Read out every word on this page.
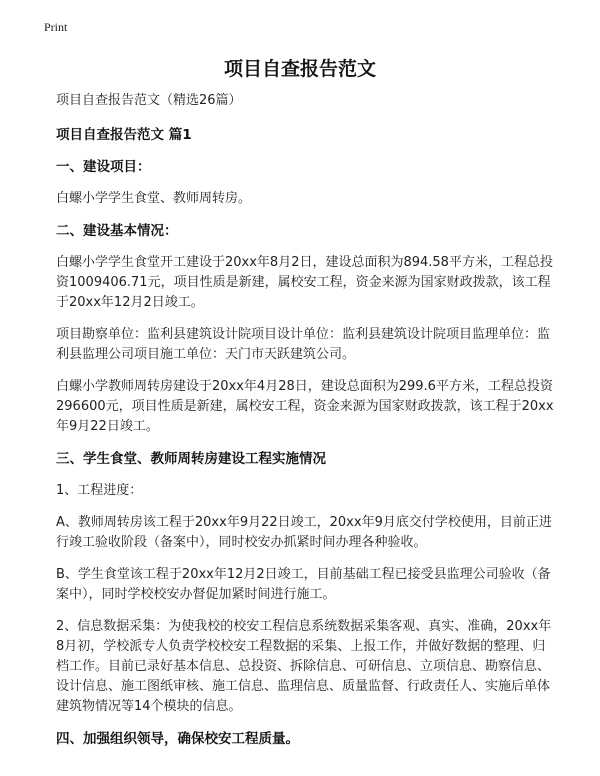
Print
项目自查报告范文

项目自查报告范文（精选26篇）

项目自查报告范文 篇1

一、建设项目：

白螺小学学生食堂、教师周转房。

二、建设基本情况：

白螺小学学生食堂开工建设于20xx年8月2日，建设总面积为894.58平方米，工程总投资1009406.71元，项目性质是新建，属校安工程，资金来源为国家财政拨款，该工程于20xx年12月2日竣工。

项目勘察单位：监利县建筑设计院项目设计单位：监利县建筑设计院项目监理单位：监利县监理公司项目施工单位：天门市天跃建筑公司。

白螺小学教师周转房建设于20xx年4月28日，建设总面积为299.6平方米，工程总投资296600元，项目性质是新建，属校安工程，资金来源为国家财政拨款，该工程于20xx年9月22日竣工。

三、学生食堂、教师周转房建设工程实施情况

1、工程进度：

A、教师周转房该工程于20xx年9月22日竣工，20xx年9月底交付学校使用，目前正进行竣工验收阶段（备案中），同时校安办抓紧时间办理各种验收。

B、学生食堂该工程于20xx年12月2日竣工，目前基础工程已接受县监理公司验收（备案中），同时学校校安办督促加紧时间进行施工。

2、信息数据采集：为使我校的校安工程信息系统数据采集客观、真实、准确，20xx年8月初，学校派专人负责学校校安工程数据的采集、上报工作，并做好数据的整理、归档工作。目前已录好基本信息、总投资、拆除信息、可研信息、立项信息、勘察信息、设计信息、施工图纸审核、施工信息、监理信息、质量监督、行政责任人、实施后单体建筑物情况等14个模块的信息。

四、加强组织领导，确保校安工程质量。
